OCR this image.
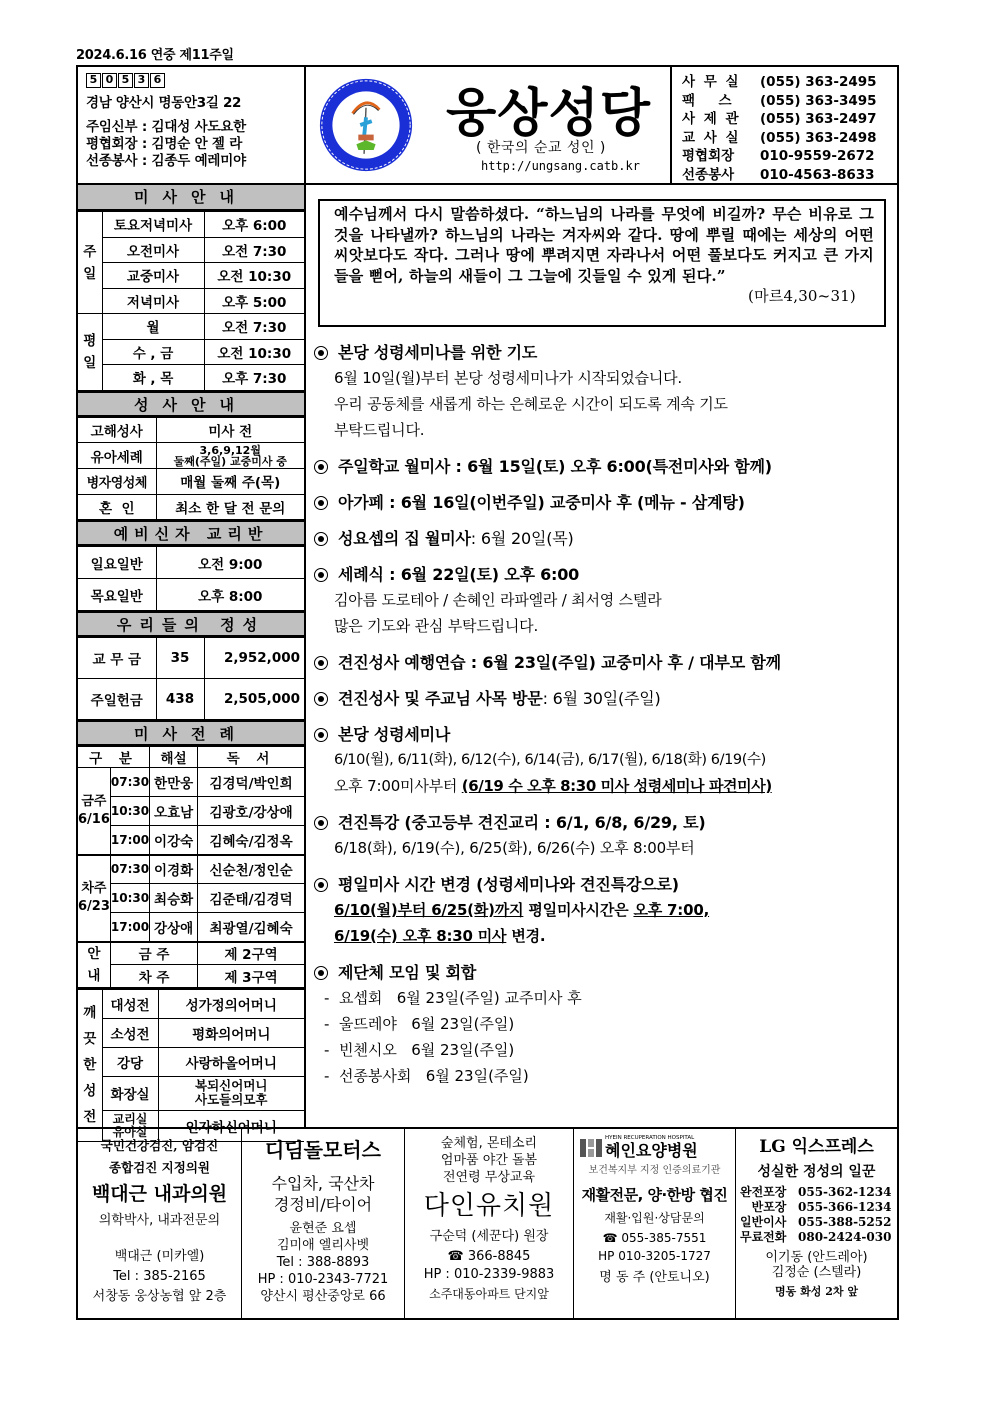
2024.6.16 연중 제11주일
5 0 5 3 6
경남 양산시 명동안3길 22
주임신부 : 김대성 사도요한
평협회장 : 김명순 안 젤 라
선종봉사 : 김종두 예레미야
웅상성당
( 한국의 순교 성인 )
http://ungsang.catb.kr
사 무 실	(055) 363-2495
팩     스	(055) 363-3495
사 제 관	(055) 363-2497
교 사 실	(055) 363-2498
평협회장	010-9559-2672
선종봉사	010-4563-8633
미사안내
주일	토요저녁미사	오후 6:00
	오전미사	오전 7:30
	교중미사	오전 10:30
	저녁미사	오후 5:00
평일	월	오전 7:30
	수 , 금	오전 10:30
	화 , 목	오후 7:30
성사안내
고해성사	미사 전
유아세례	3,6,9,12월
둘째(주일) 교중미사 중

병자영성체	매월 둘째 주(목)
혼  인	최소 한 달 전 문의
예비신자 교리반
일요일반	오전 9:00
목요일반	오후 8:00
우리들의 정성
교 무 금	35	2,952,000
주일헌금	438	2,505,000
미사전례
구 분		해설	독 서

금주
6/16	07:30	한만웅	김경덕/박인희
	10:30	오효남	김광호/강상애
	17:00	이강숙	김혜숙/김정옥

차주
6/23	07:30	이경화	신순천/정인순
	10:30	최승화	김준태/김경덕
	17:00	강상애	최광열/김혜숙

안
내	금 주		제 2구역
	차 주		제 3구역
깨
끗
한
성
전	대성전	성가정의어머니
	소성전	평화의어머니
	강당	사랑하올어머니
	화장실	복되신어머니
사도들의모후

	교리실
유아실	인자하신어머니
예수님께서 다시 말씀하셨다. “하느님의 나라를 무엇에 비길까? 무슨 비유로 그것을 나타낼까? 하느님의 나라는 겨자씨와 같다. 땅에 뿌릴 때에는 세상의 어떤 씨앗보다도 작다. 그러나 땅에 뿌려지면 자라나서 어떤 풀보다도 커지고 큰 가지들을 뻗어, 하늘의 새들이 그 그늘에 깃들일 수 있게 된다.”
(마르4,30~31)
본당 성령세미나를 위한 기도
6월 10일(월)부터 본당 성령세미나가 시작되었습니다.
우리 공동체를 새롭게 하는 은혜로운 시간이 되도록 계속 기도
부탁드립니다.
주일학교 월미사 : 6월 15일(토) 오후 6:00(특전미사와 함께)
아가페 : 6월 16일(이번주일) 교중미사 후 (메뉴 - 삼계탕)
성요셉의 집 월미사 : 6월 20일(목)
세례식 : 6월 22일(토) 오후 6:00
김아름 도로테아 / 손혜인 라파엘라 / 최서영 스텔라
많은 기도와 관심 부탁드립니다.
견진성사 예행연습 : 6월 23일(주일) 교중미사 후 / 대부모 함께
견진성사 및 주교님 사목 방문 : 6월 30일(주일)
본당 성령세미나
6/10(월), 6/11(화), 6/12(수), 6/14(금), 6/17(월), 6/18(화) 6/19(수)
오후 7:00미사부터 (6/19 수 오후 8:30 미사 성령세미나 파견미사)
견진특강 (중고등부 견진교리 : 6/1, 6/8, 6/29, 토)
6/18(화), 6/19(수), 6/25(화), 6/26(수) 오후 8:00부터
평일미사 시간 변경 (성령세미나와 견진특강으로)
6/10(월)부터 6/25(화)까지 평일미사시간은 오후 7:00,
6/19(수) 오후 8:30 미사 변경.
제단체 모임 및 회합
-  요셉회   6월 23일(주일) 교주미사 후
-  울뜨레야   6월 23일(주일)
-  빈첸시오   6월 23일(주일)
-  선종봉사회   6월 23일(주일)

국민건강검진, 암검진

종합검진 지정의원

백대근 내과의원

의학박사, 내과전문의

백대근 (미카엘)

Tel : 385-2165

서창동 웅상농협 앞 2층

디딤돌모터스

수입차, 국산차

경정비/타이어

윤현준 요셉

김미애 엘리사벳

Tel : 388-8893

HP : 010-2343-7721

양산시 평산중앙로 66

숲체험, 몬테소리

엄마품 야간 돌봄

전연령 무상교육

다인유치원

구순덕 (세꾼다) 원장

☎ 366-8845

HP : 010-2339-9883

소주대동아파트 단지앞

HYEIN RECUPERATION HOSPITAL
혜인요양병원

보건복지부 지정 인증의료기관

재활전문, 양·한방 협진

재활·입원·상담문의

☎ 055-385-7551

HP 010-3205-1727

명 동 주 (안토니오)

LG 익스프레스

성실한 정성의 일꾼

완전포장 055-362-1234
반포장 055-366-1234
일반이사 055-388-5252
무료전화 080-2424-030

이기동 (안드레아)

김정순 (스텔라)

명동 화성 2차 앞
